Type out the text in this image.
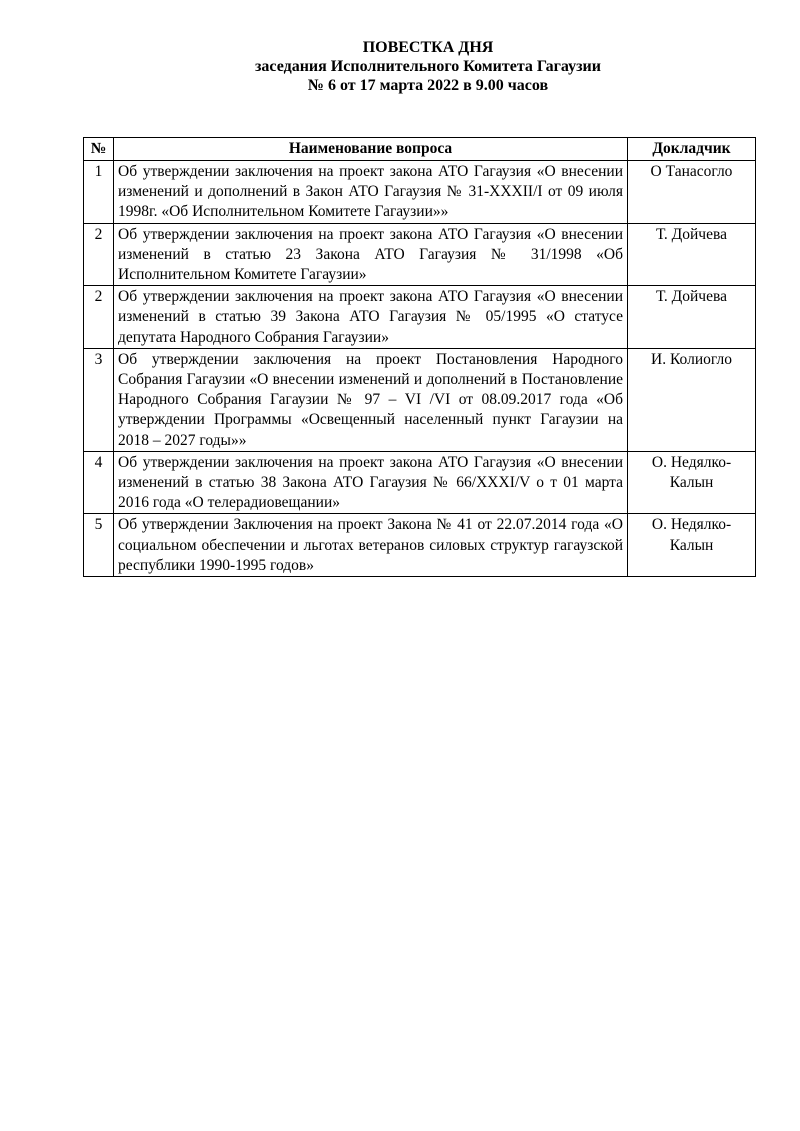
ПОВЕСТКА ДНЯ
заседания Исполнительного Комитета Гагаузии
№ 6 от 17 марта 2022 в 9.00 часов
№	Наименование вопроса	Докладчик
1	Об утверждении заключения на проект закона АТО Гагаузия «О внесении изменений и дополнений в Закон АТО Гагаузия № 31-XXXII/I от 09 июля 1998г. «Об Исполнительном Комитете Гагаузии»»	О Танасогло
2	Об утверждении заключения на проект закона АТО Гагаузия «О внесении изменений в статью 23 Закона АТО Гагаузия № 31/1998 «Об Исполнительном Комитете Гагаузии»	Т. Дойчева
2	Об утверждении заключения на проект закона АТО Гагаузия «О внесении изменений в статью 39 Закона АТО Гагаузия № 05/1995 «О статусе депутата Народного Собрания Гагаузии»	Т. Дойчева
3	Об утверждении заключения на проект Постановления Народного Собрания Гагаузии «О внесении изменений и дополнений в Постановление Народного Собрания Гагаузии № 97 – VI /VI от 08.09.2017 года «Об утверждении Программы «Освещенный населенный пункт Гагаузии на 2018 – 2027 годы»»	И. Колиогло
4	Об утверждении заключения на проект закона АТО Гагаузия «О внесении изменений в статью 38 Закона АТО Гагаузия № 66/XXXI/V о т 01 марта 2016 года «О телерадиовещании»	О. Недялко-Калын
5	Об утверждении Заключения на проект Закона № 41 от 22.07.2014 года «О социальном обеспечении и льготах ветеранов силовых структур гагаузской республики 1990-1995 годов»	О. Недялко-Калын
